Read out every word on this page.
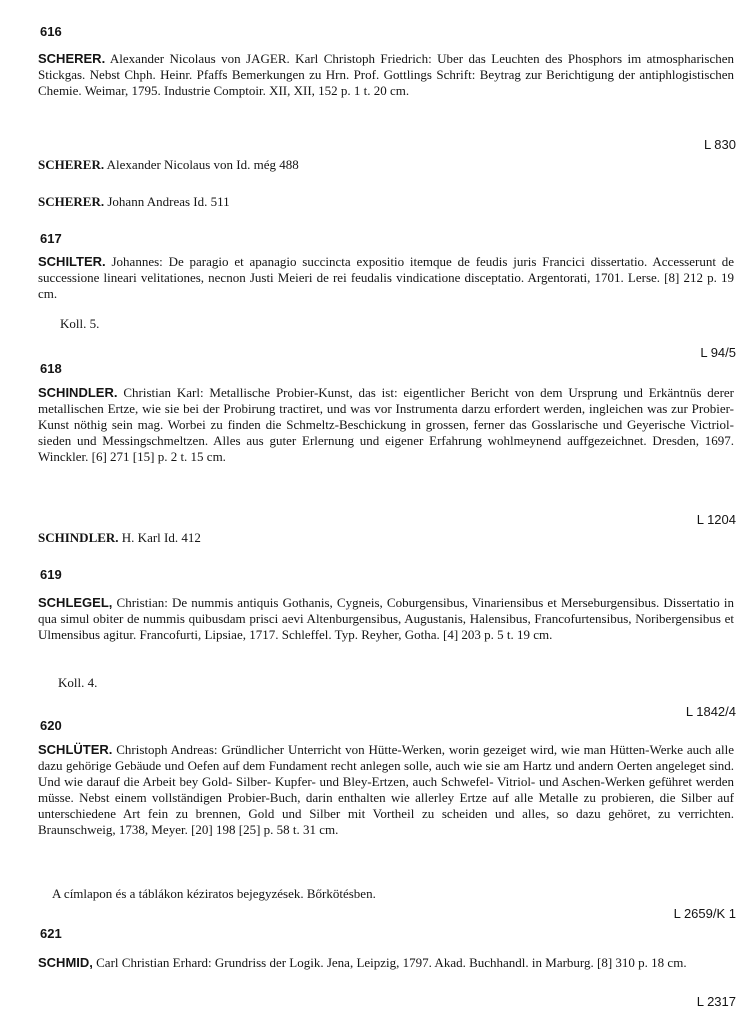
616

SCHERER. Alexander Nicolaus von JAGER. Karl Christoph Friedrich: Uber das Leuchten des Phosphors im atmospharischen Stickgas. Nebst Chph. Heinr. Pfaffs Bemerkungen zu Hrn. Prof. Gottlings Schrift: Beytrag zur Berichtigung der antiphlogistischen Chemie. Weimar, 1795. Industrie Comptoir. XII, XII, 152 p. 1 t. 20 cm.

L 830

SCHERER. Alexander Nicolaus von Id. még 488

SCHERER. Johann Andreas Id. 511

617

SCHILTER. Johannes: De paragio et apanagio succincta expositio itemque de feudis juris Francici dissertatio. Accesserunt de successione lineari velitationes, necnon Justi Meieri de rei feudalis vindicatione disceptatio. Argentorati, 1701. Lerse. [8] 212 p. 19 cm.

Koll. 5.

L 94/5

618

SCHINDLER. Christian Karl: Metallische Probier-Kunst, das ist: eigentlicher Bericht von dem Ursprung und Erkäntnüs derer metallischen Ertze, wie sie bei der Probirung tractiret, und was vor Instrumenta darzu erfordert werden, ingleichen was zur Probier-Kunst nöthig sein mag. Worbei zu finden die Schmeltz-Beschickung in grossen, ferner das Gosslarische und Geyerische Victriol-sieden und Messingschmeltzen. Alles aus guter Erlernung und eigener Erfahrung wohlmeynend auffgezeichnet. Dresden, 1697. Winckler. [6] 271 [15] p. 2 t. 15 cm.

L 1204

SCHINDLER. H. Karl Id. 412

619

SCHLEGEL, Christian: De nummis antiquis Gothanis, Cygneis, Coburgensibus, Vinariensibus et Merseburgensibus. Dissertatio in qua simul obiter de nummis quibusdam prisci aevi Altenburgensibus, Augustanis, Halensibus, Francofurtensibus, Noribergensibus et Ulmensibus agitur. Francofurti, Lipsiae, 1717. Schleffel. Typ. Reyher, Gotha. [4] 203 p. 5 t. 19 cm.

Koll. 4.

L 1842/4

620

SCHLÜTER. Christoph Andreas: Gründlicher Unterricht von Hütte-Werken, worin gezeiget wird, wie man Hütten-Werke auch alle dazu gehörige Gebäude und Oefen auf dem Fundament recht anlegen solle, auch wie sie am Hartz und andern Oerten angeleget sind. Und wie darauf die Arbeit bey Gold- Silber- Kupfer- und Bley-Ertzen, auch Schwefel- Vitriol- und Aschen-Werken geführet werden müsse. Nebst einem vollständigen Probier-Buch, darin enthalten wie allerley Ertze auf alle Metalle zu probieren, die Silber auf unterschiedene Art fein zu brennen, Gold und Silber mit Vortheil zu scheiden und alles, so dazu gehöret, zu verrichten. Braunschweig, 1738, Meyer. [20] 198 [25] p. 58 t. 31 cm.

A címlapon és a táblákon kéziratos bejegyzések. Bőrkötésben.

L 2659/K 1

621

SCHMID, Carl Christian Erhard: Grundriss der Logik. Jena, Leipzig, 1797. Akad. Buchhandl. in Marburg. [8] 310 p. 18 cm.

L 2317
